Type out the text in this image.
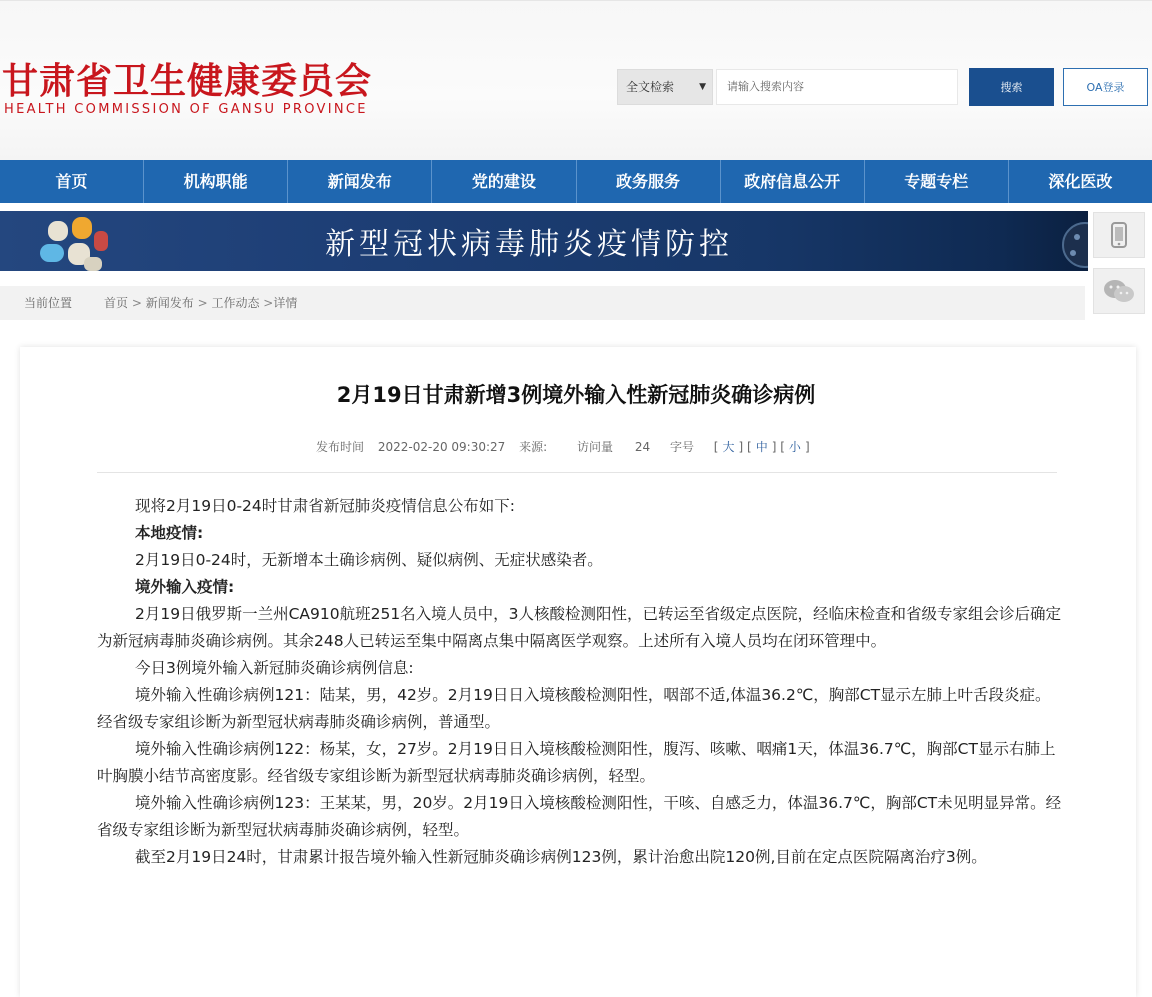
甘肃省卫生健康委员会
HEALTH COMMISSION OF GANSU PROVINCE
全文检索	▼
请输入搜索内容	搜索	OA登录
首页	机构职能	新闻发布	党的建设	政务服务	政府信息公开	专题专栏	深化医改
新型冠状病毒肺炎疫情防控
当前位置	首页 > 新闻发布 > 工作动态 >详情
2月19日甘肃新增3例境外输入性新冠肺炎确诊病例
发布时间 2022-02-20 09:30:27 来源: 访问量 24 字号 [ 大 ] [ 中 ] [ 小 ]

现将2月19日0-24时甘肃省新冠肺炎疫情信息公布如下:

本地疫情:

2月19日0-24时，无新增本土确诊病例、疑似病例、无症状感染者。

境外输入疫情:

2月19日俄罗斯一兰州CA910航班251名入境人员中，3人核酸检测阳性，已转运至省级定点医院，经临床检查和省级专家组会诊后确定为新冠病毒肺炎确诊病例。其余248人已转运至集中隔离点集中隔离医学观察。上述所有入境人员均在闭环管理中。

今日3例境外输入新冠肺炎确诊病例信息:

境外输入性确诊病例121：陆某，男，42岁。2月19日日入境核酸检测阳性，咽部不适,体温36.2℃，胸部CT显示左肺上叶舌段炎症。经省级专家组诊断为新型冠状病毒肺炎确诊病例，普通型。

境外输入性确诊病例122：杨某，女，27岁。2月19日日入境核酸检测阳性，腹泻、咳嗽、咽痛1天，体温36.7℃，胸部CT显示右肺上叶胸膜小结节高密度影。经省级专家组诊断为新型冠状病毒肺炎确诊病例，轻型。

境外输入性确诊病例123：王某某，男，20岁。2月19日入境核酸检测阳性，干咳、自感乏力，体温36.7℃，胸部CT未见明显异常。经省级专家组诊断为新型冠状病毒肺炎确诊病例，轻型。

截至2月19日24时，甘肃累计报告境外输入性新冠肺炎确诊病例123例，累计治愈出院120例,目前在定点医院隔离治疗3例。
